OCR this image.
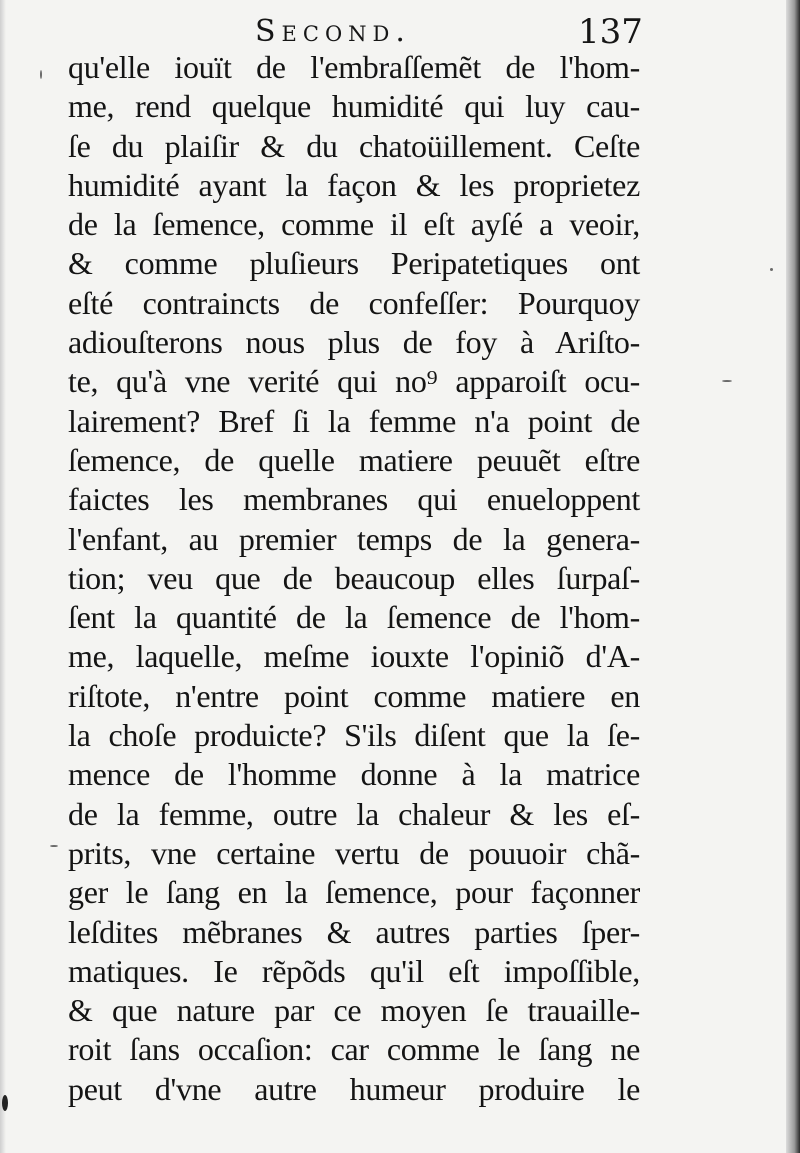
Second.	137
qu'elle iouït de l'embraſſemẽt de l'hom-
me, rend quelque humidité qui luy cau-
ſe du plaiſir & du chatoüillement. Ceſte
humidité ayant la façon & les proprietez
de la ſemence, comme il eſt ayſé a veoir,
& comme pluſieurs Peripatetiques ont
eſté contraincts de confeſſer: Pourquoy
adiouſterons nous plus de foy à Ariſto-
te, qu'à vne verité qui no⁹ apparoiſt ocu-
lairement? Bref ſi la femme n'a point de
ſemence, de quelle matiere peuuẽt eſtre
faictes les membranes qui enueloppent
l'enfant, au premier temps de la genera-
tion; veu que de beaucoup elles ſurpaſ-
ſent la quantité de la ſemence de l'hom-
me, laquelle, meſme iouxte l'opiniõ d'A-
riſtote, n'entre point comme matiere en
la choſe produicte? S'ils diſent que la ſe-
mence de l'homme donne à la matrice
de la femme, outre la chaleur & les eſ-
prits, vne certaine vertu de pouuoir chã-
ger le ſang en la ſemence, pour façonner
leſdites mẽbranes & autres parties ſper-
matiques. Ie rẽpõds qu'il eſt impoſſible,
& que nature par ce moyen ſe trauaille-
roit ſans occaſion: car comme le ſang ne
peut d'vne autre humeur produire le
